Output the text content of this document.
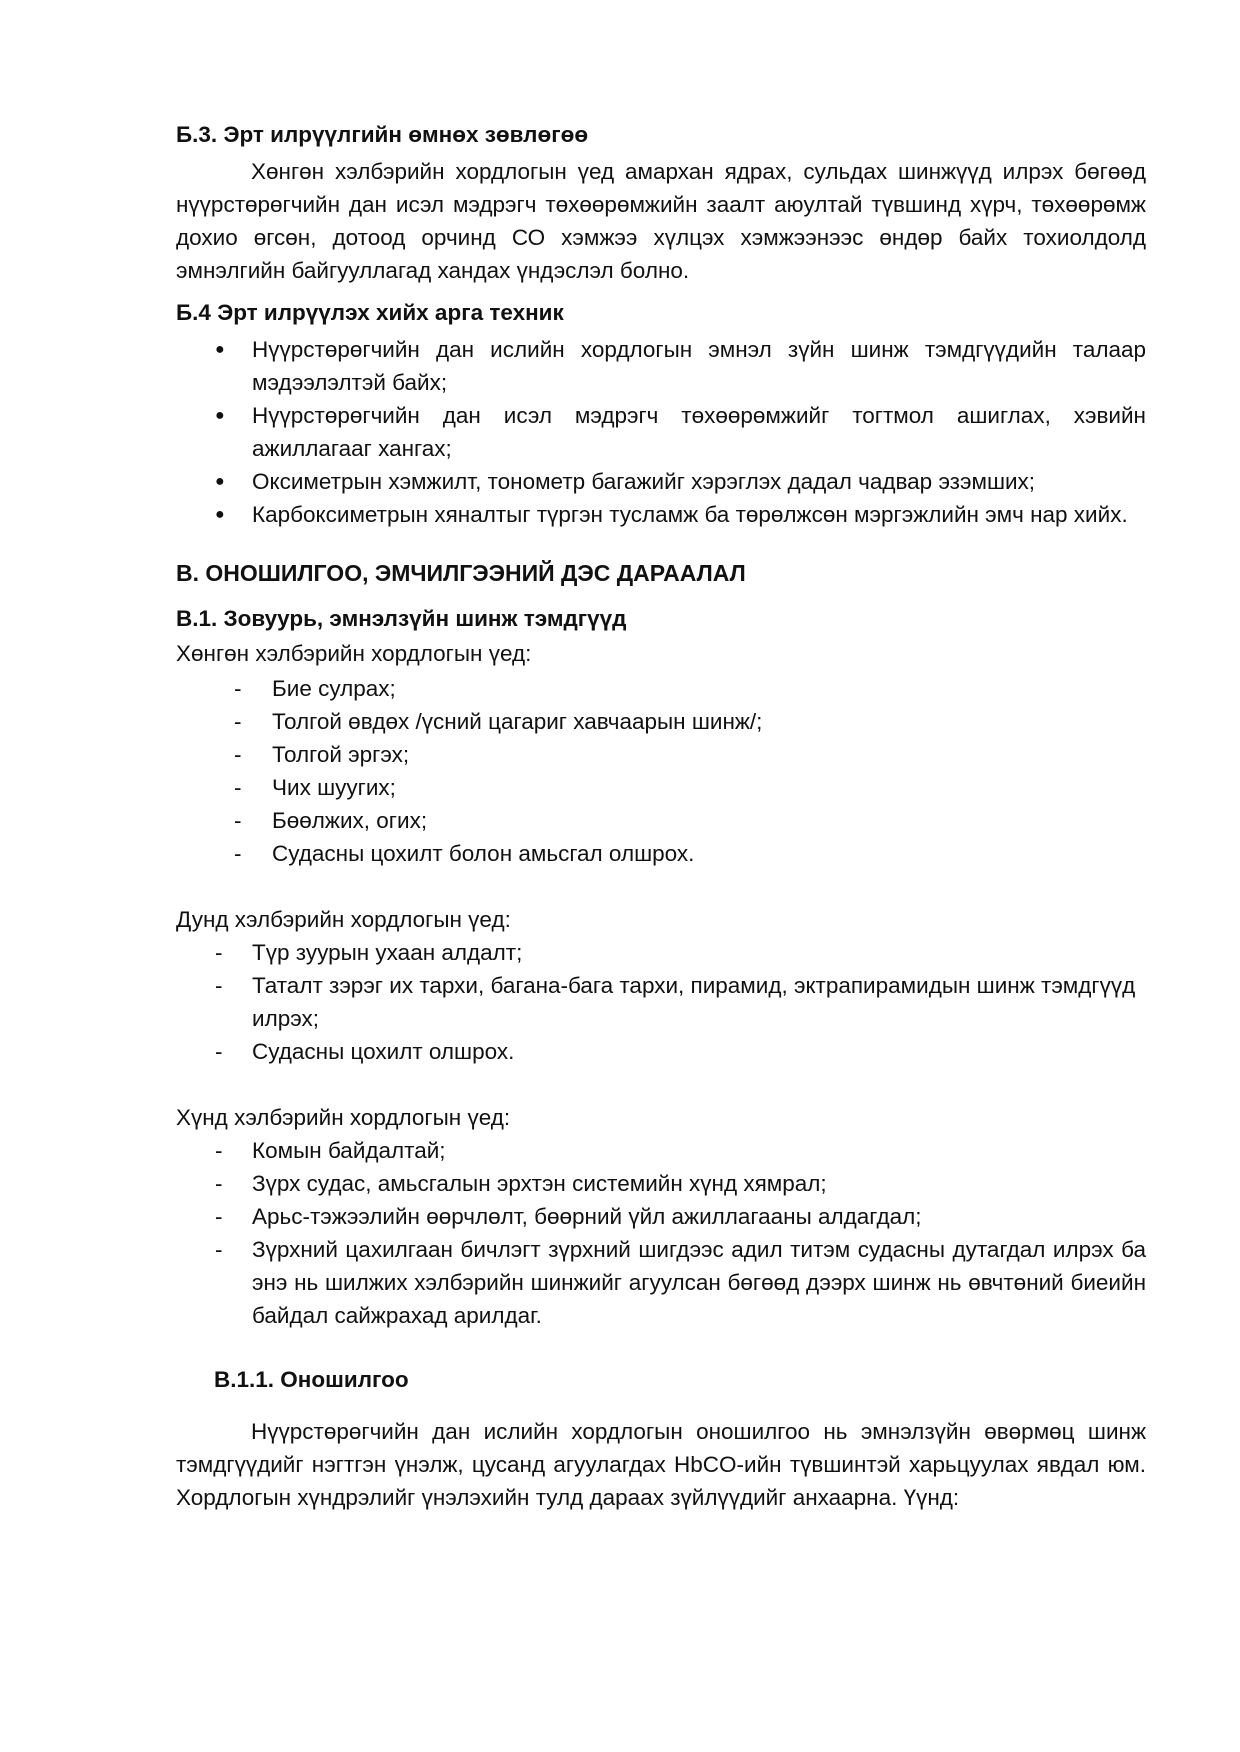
Б.3. Эрт илрүүлгийн өмнөх зөвлөгөө

Хөнгөн хэлбэрийн хордлогын үед амархан ядрах, сульдах шинжүүд илрэх бөгөөд нүүрстөрөгчийн дан исэл мэдрэгч төхөөрөмжийн заалт аюултай түвшинд хүрч, төхөөрөмж дохио өгсөн, дотоод орчинд СО хэмжээ хүлцэх хэмжээнээс өндөр байх тохиолдолд эмнэлгийн байгууллагад хандах үндэслэл болно.

Б.4 Эрт илрүүлэх хийх арга техник
● Нүүрстөрөгчийн дан ислийн хордлогын эмнэл зүйн шинж тэмдгүүдийн талаар мэдээлэлтэй байх;
● Нүүрстөрөгчийн дан исэл мэдрэгч төхөөрөмжийг тогтмол ашиглах, хэвийн ажиллагааг хангах;
● Оксиметрын хэмжилт, тонометр багажийг хэрэглэх дадал чадвар эзэмших;
● Карбоксиметрын хяналтыг түргэн тусламж ба төрөлжсөн мэргэжлийн эмч нар хийх.
В. ОНОШИЛГОО, ЭМЧИЛГЭЭНИЙ ДЭС ДАРААЛАЛ
В.1. Зовуурь, эмнэлзүйн шинж тэмдгүүд

Хөнгөн хэлбэрийн хордлогын үед:

- Бие сулрах;
- Толгой өвдөх /үсний цагариг хавчаарын шинж/;
- Толгой эргэх;
- Чих шуугих;
- Бөөлжих, огих;
- Судасны цохилт болон амьсгал олшрох.

Дунд хэлбэрийн хордлогын үед:

- Түр зуурын ухаан алдалт;
- Таталт зэрэг их тархи, багана-бага тархи, пирамид, эктрапирамидын шинж тэмдгүүд илрэх;
- Судасны цохилт олшрох.

Хүнд хэлбэрийн хордлогын үед:

- Комын байдалтай;
- Зүрх судас, амьсгалын эрхтэн системийн хүнд хямрал;
- Арьс-тэжээлийн өөрчлөлт, бөөрний үйл ажиллагааны алдагдал;
- Зүрхний цахилгаан бичлэгт зүрхний шигдээс адил титэм судасны дутагдал илрэх ба энэ нь шилжих хэлбэрийн шинжийг агуулсан бөгөөд дээрх шинж нь өвчтөний биеийн байдал сайжрахад арилдаг.
В.1.1. Оношилгоо

Нүүрстөрөгчийн дан ислийн хордлогын оношилгоо нь эмнэлзүйн өвөрмөц шинж тэмдгүүдийг нэгтгэн үнэлж, цусанд агуулагдах HbCO-ийн түвшинтэй харьцуулах явдал юм. Хордлогын хүндрэлийг үнэлэхийн тулд дараах зүйлүүдийг анхаарна. Үүнд:
